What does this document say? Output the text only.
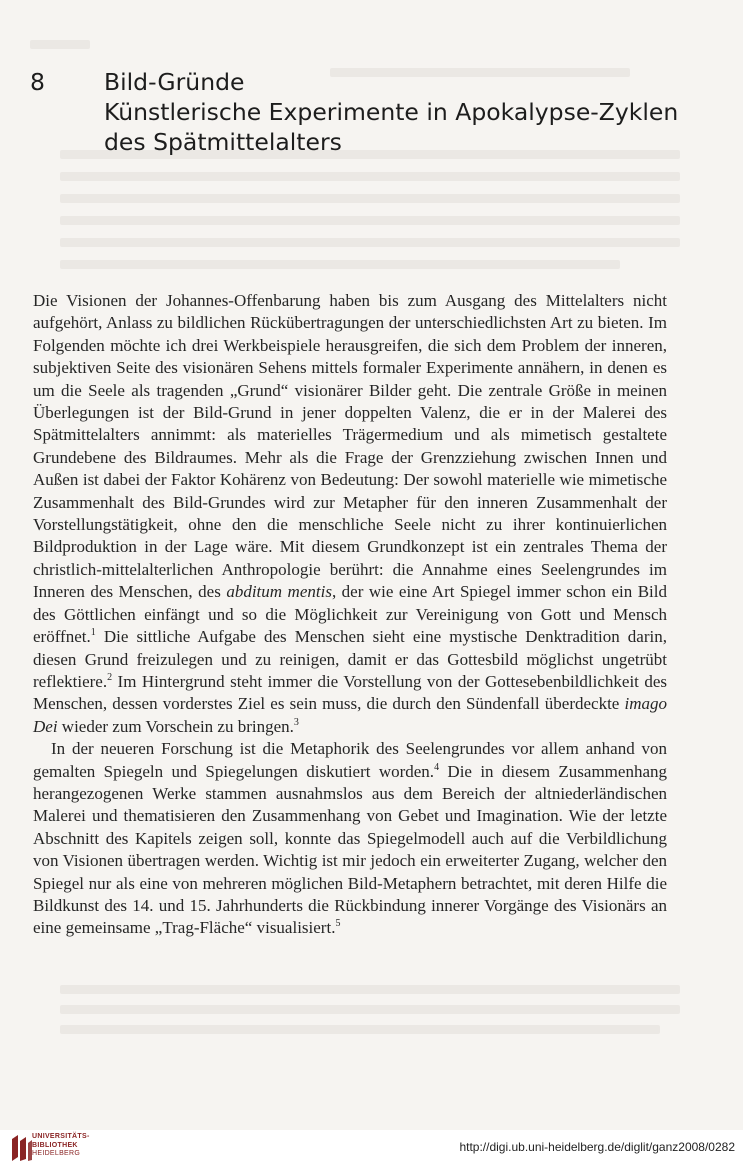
8	Bild-Gründe
Künstlerische Experimente in Apokalypse-Zyklen
des Spätmittelalters

Die Visionen der Johannes-Offenbarung haben bis zum Ausgang des Mittelalters nicht aufgehört, Anlass zu bildlichen Rückübertragungen der unterschiedlichsten Art zu bieten. Im Folgenden möchte ich drei Werkbeispiele herausgreifen, die sich dem Problem der inneren, subjektiven Seite des visionären Sehens mittels formaler Experimente annähern, in denen es um die Seele als tragenden „Grund“ visionärer Bilder geht. Die zentrale Größe in meinen Überlegungen ist der Bild-Grund in jener doppelten Valenz, die er in der Malerei des Spätmittelalters annimmt: als materielles Trägermedium und als mimetisch gestaltete Grundebene des Bildraumes. Mehr als die Frage der Grenzziehung zwischen Innen und Außen ist dabei der Faktor Kohärenz von Bedeutung: Der sowohl materielle wie mimetische Zusammenhalt des Bild-Grundes wird zur Metapher für den inneren Zusammenhalt der Vorstellungstätigkeit, ohne den die menschliche Seele nicht zu ihrer kontinuierlichen Bildproduktion in der Lage wäre. Mit diesem Grundkonzept ist ein zentrales Thema der christlich-mittelalterlichen Anthropologie berührt: die Annahme eines Seelengrundes im Inneren des Menschen, des abditum mentis, der wie eine Art Spiegel immer schon ein Bild des Göttlichen einfängt und so die Möglichkeit zur Vereinigung von Gott und Mensch eröffnet.$^1$ Die sittliche Aufgabe des Menschen sieht eine mystische Denktradition darin, diesen Grund freizulegen und zu reinigen, damit er das Gottesbild möglichst ungetrübt reflektiere.$^2$ Im Hintergrund steht immer die Vorstellung von der Gottesebenbildlichkeit des Menschen, dessen vorderstes Ziel es sein muss, die durch den Sündenfall überdeckte imago Dei wieder zum Vorschein zu bringen.$^3$

In der neueren Forschung ist die Metaphorik des Seelengrundes vor allem anhand von gemalten Spiegeln und Spiegelungen diskutiert worden.$^4$ Die in diesem Zusammenhang herangezogenen Werke stammen ausnahmslos aus dem Bereich der altniederländischen Malerei und thematisieren den Zusammenhang von Gebet und Imagination. Wie der letzte Abschnitt des Kapitels zeigen soll, konnte das Spiegelmodell auch auf die Verbildlichung von Visionen übertragen werden. Wichtig ist mir jedoch ein erweiterter Zugang, welcher den Spiegel nur als eine von mehreren möglichen Bild-Metaphern betrachtet, mit deren Hilfe die Bildkunst des 14. und 15. Jahrhunderts die Rückbindung innerer Vorgänge des Visionärs an eine gemeinsame „Trag-Fläche“ visualisiert.$^5$

UNIVERSITÄTS-
BIBLIOTHEK
HEIDELBERG	http://digi.ub.uni-heidelberg.de/diglit/ganz2008/0282
